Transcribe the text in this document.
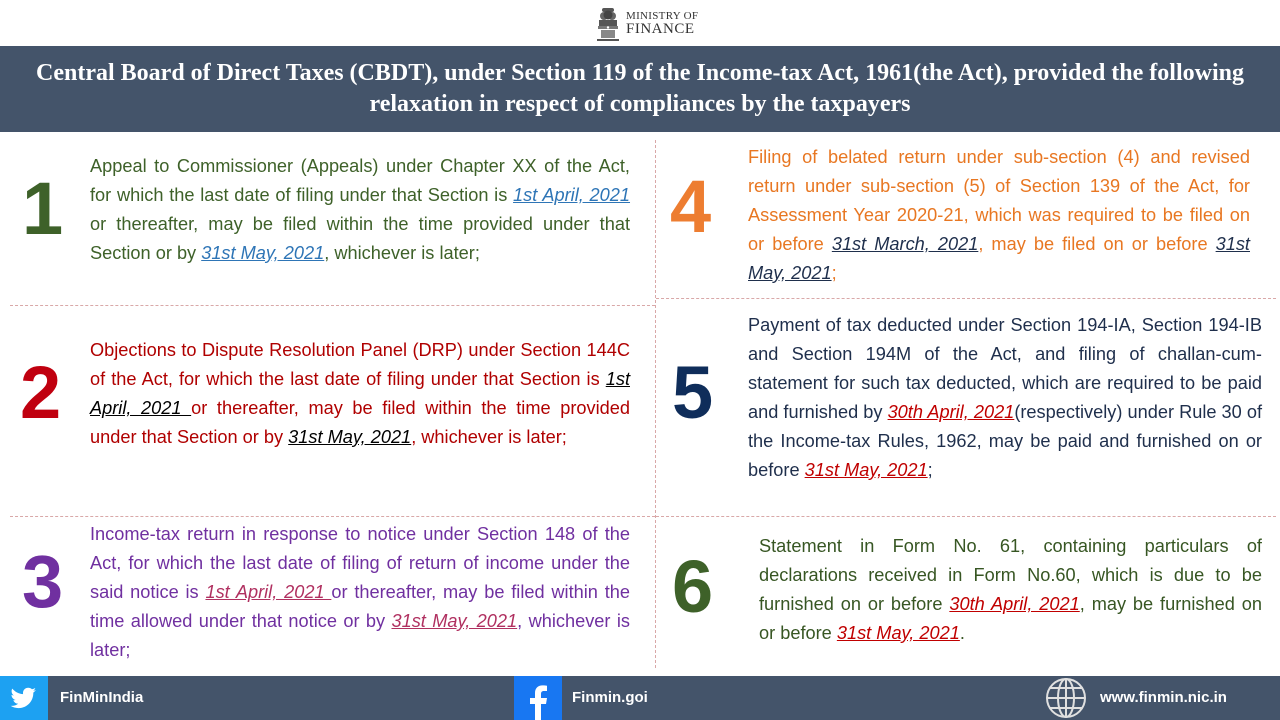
MINISTRY OF
FINANCE
Central Board of Direct Taxes (CBDT), under Section 119 of the Income-tax Act, 1961(the Act), provided the following relaxation in respect of compliances by the taxpayers
1
Appeal to Commissioner (Appeals) under Chapter XX of the Act, for which the last date of filing under that Section is 1st April, 2021 or thereafter, may be filed within the time provided under that Section or by 31st May, 2021, whichever is later;
2
Objections to Dispute Resolution Panel (DRP) under Section 144C of the Act, for which the last date of filing under that Section is 1st April, 2021 or thereafter, may be filed within the time provided under that Section or by 31st May, 2021, whichever is later;
3
Income-tax return in response to notice under Section 148 of the Act, for which the last date of filing of return of income under the said notice is 1st April, 2021 or thereafter, may be filed within the time allowed under that notice or by 31st May, 2021, whichever is later;
4
Filing of belated return under sub-section (4) and revised return under sub-section (5) of Section 139 of the Act, for Assessment Year 2020-21, which was required to be filed on or before 31st March, 2021, may be filed on or before 31st May, 2021;
5
Payment of tax deducted under Section 194-IA, Section 194-IB and Section 194M of the Act, and filing of challan-cum-statement for such tax deducted, which are required to be paid and furnished by 30th April, 2021(respectively) under Rule 30 of the Income-tax Rules, 1962, may be paid and furnished on or before 31st May, 2021;
6	Statement in Form No. 61, containing particulars of declarations received in Form No.60, which is due to be furnished on or before 30th April, 2021, may be furnished on or before 31st May, 2021.
FinMinIndia	Finmin.goi	www.finmin.nic.in
